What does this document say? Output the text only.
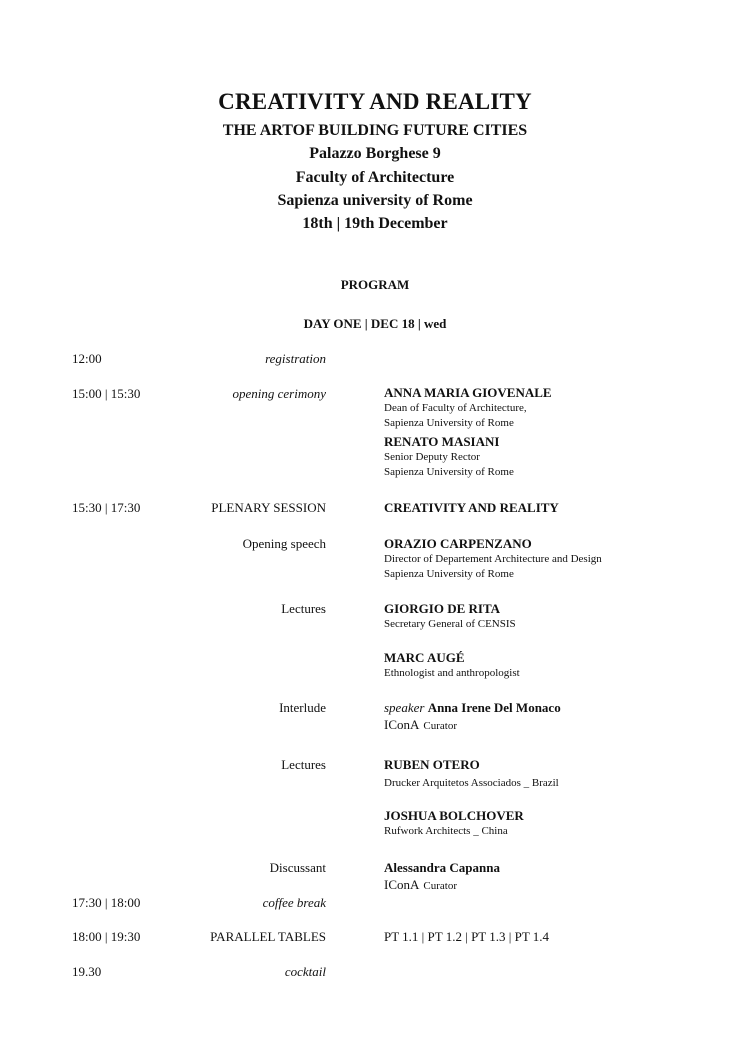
CREATIVITY AND REALITY
THE ARTOF BUILDING FUTURE CITIES
Palazzo Borghese 9
Faculty of Architecture
Sapienza university of Rome
18th | 19th December
PROGRAM
DAY ONE | DEC 18 | wed
12:00	registration
15:00 | 15:30	opening cerimony	ANNA MARIA GIOVENALE
Dean of Faculty of Architecture,
Sapienza University of Rome
RENATO MASIANI
Senior Deputy Rector
Sapienza University of Rome
15:30 | 17:30	PLENARY SESSION	CREATIVITY AND REALITY
Opening speech	ORAZIO CARPENZANO
Director of Departement Architecture and Design
Sapienza University of Rome
Lectures	GIORGIO DE RITA
Secretary General of CENSIS
MARC AUGÉ
Ethnologist and anthropologist
Interlude	speaker Anna Irene Del Monaco
IConA Curator
Lectures	RUBEN OTERO
Drucker Arquitetos Associados _ Brazil
JOSHUA BOLCHOVER
Rufwork Architects _ China
Discussant	Alessandra Capanna
IConA Curator
17:30 | 18:00	coffee break
18:00 | 19:30	PARALLEL TABLES	PT 1.1 | PT 1.2 | PT 1.3 | PT 1.4
19.30	cocktail
